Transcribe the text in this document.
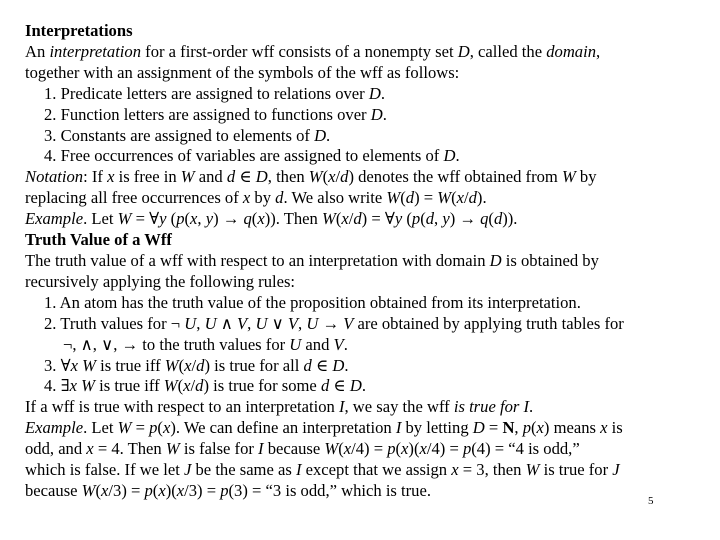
Interpretations

An interpretation for a first-order wff consists of a nonempty set D, called the domain,

together with an assignment of the symbols of the wff as follows:

1. Predicate letters are assigned to relations over D.

2. Function letters are assigned to functions over D.

3. Constants are assigned to elements of D.

4. Free occurrences of variables are assigned to elements of D.

Notation: If x is free in W and d ∈ D, then W(x/d) denotes the wff obtained from W by

replacing all free occurrences of x by d. We also write W(d) = W(x/d).

Example. Let W = ∀y (p(x, y) → q(x)). Then W(x/d) = ∀y (p(d, y) → q(d)).

Truth Value of a Wff

The truth value of a wff with respect to an interpretation with domain D is obtained by

recursively applying the following rules:

1. An atom has the truth value of the proposition obtained from its interpretation.

2. Truth values for ¬ U, U ∧ V, U ∨ V, U → V are obtained by applying truth tables for

¬, ∧, ∨, → to the truth values for U and V.

3. ∀x W is true iff W(x/d) is true for all d ∈ D.

4. ∃x W is true iff W(x/d) is true for some d ∈ D.

If a wff is true with respect to an interpretation I, we say the wff is true for I.

Example. Let W = p(x). We can define an interpretation I by letting D = N, p(x) means x is

odd, and x = 4. Then W is false for I because W(x/4) = p(x)(x/4) = p(4) = “4 is odd,”

which is false. If we let J be the same as I except that we assign x = 3, then W is true for J

because W(x/3) = p(x)(x/3) = p(3) = “3 is odd,” which is true.

5
